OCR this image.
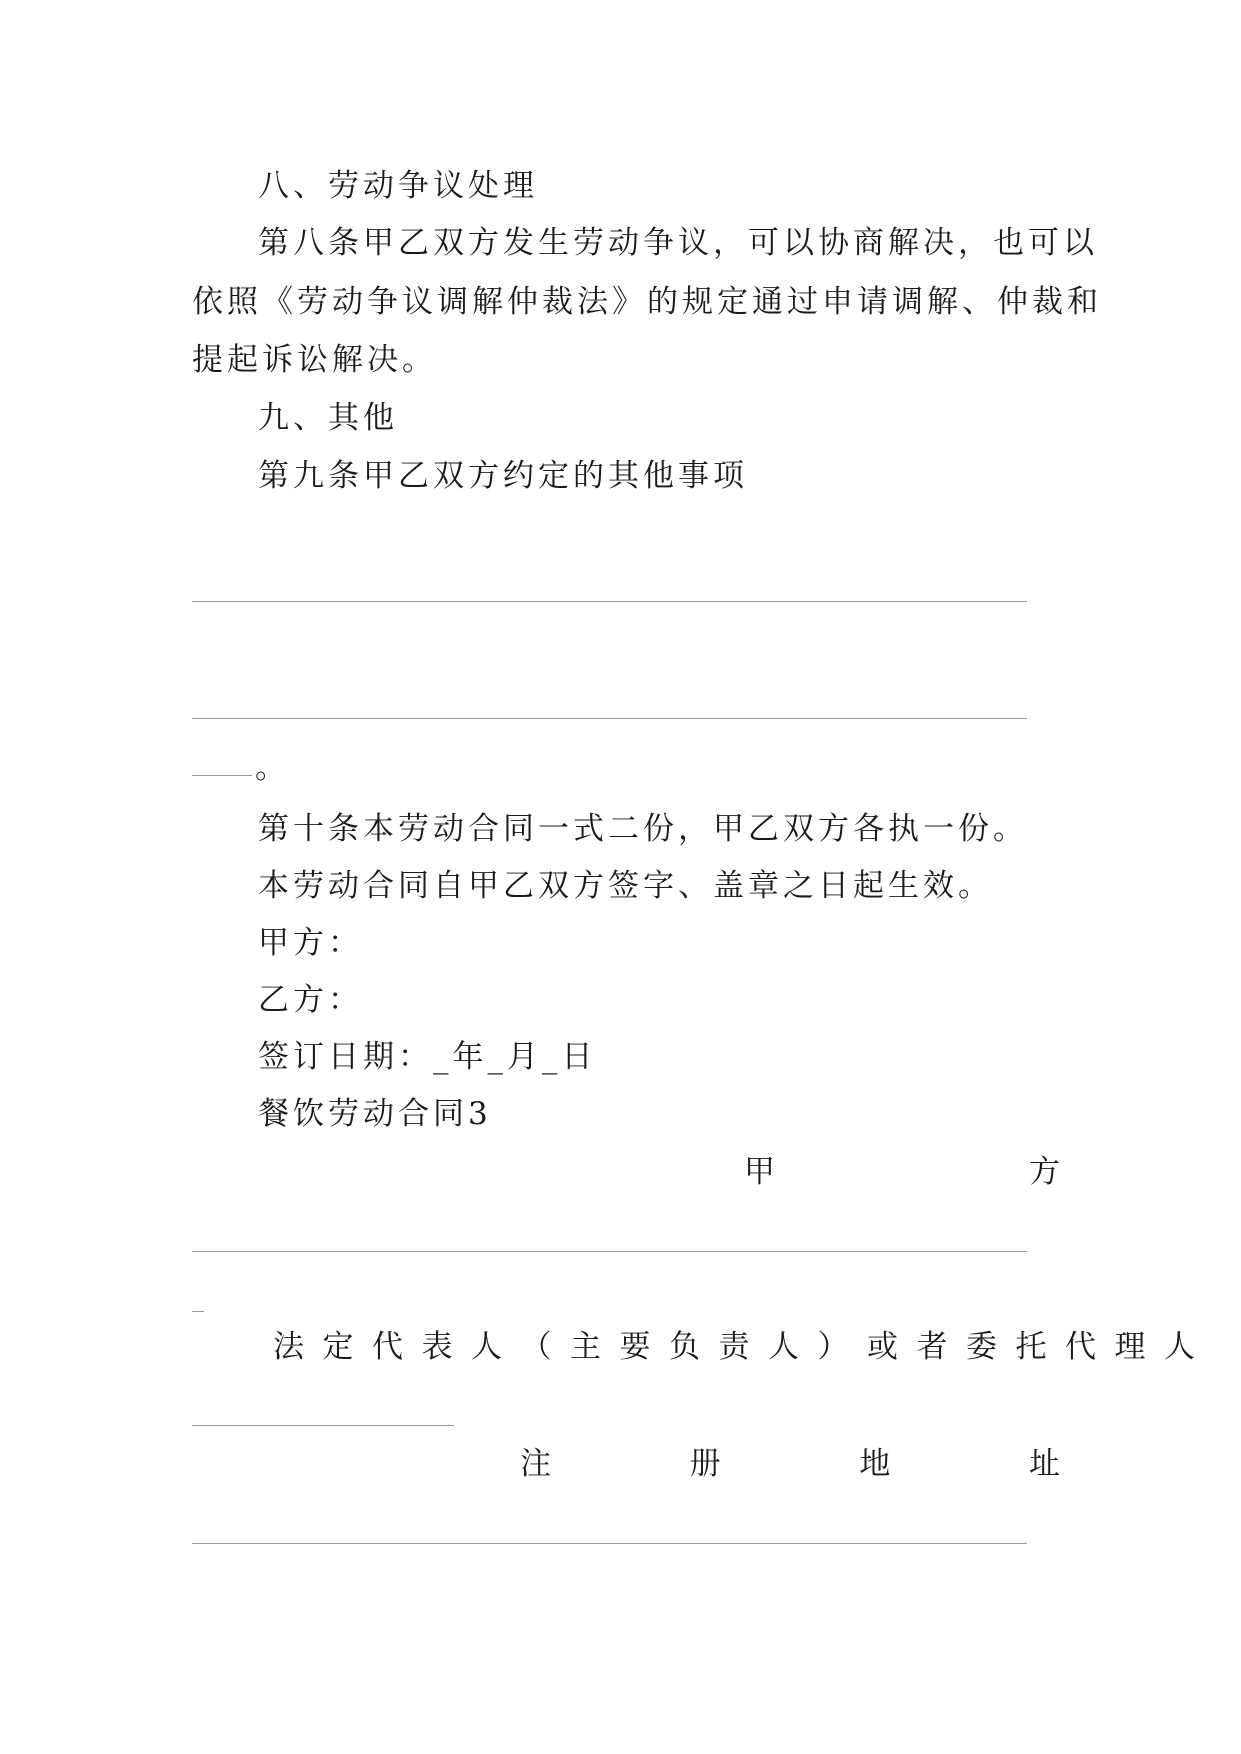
八、劳动争议处理
第八条甲乙双方发生劳动争议，可以协商解决，也可以
依照《劳动争议调解仲裁法》的规定通过申请调解、仲裁和
提起诉讼解决。
九、其他
第九条甲乙双方约定的其他事项
。
第十条本劳动合同一式二份，甲乙双方各执一份。
本劳动合同自甲乙双方签字、盖章之日起生效。
甲方：
乙方：
签订日期：_年_月_日
餐饮劳动合同3
甲	方
法定代表人（主要负责人）或者委托代理人
注	册	地	址
